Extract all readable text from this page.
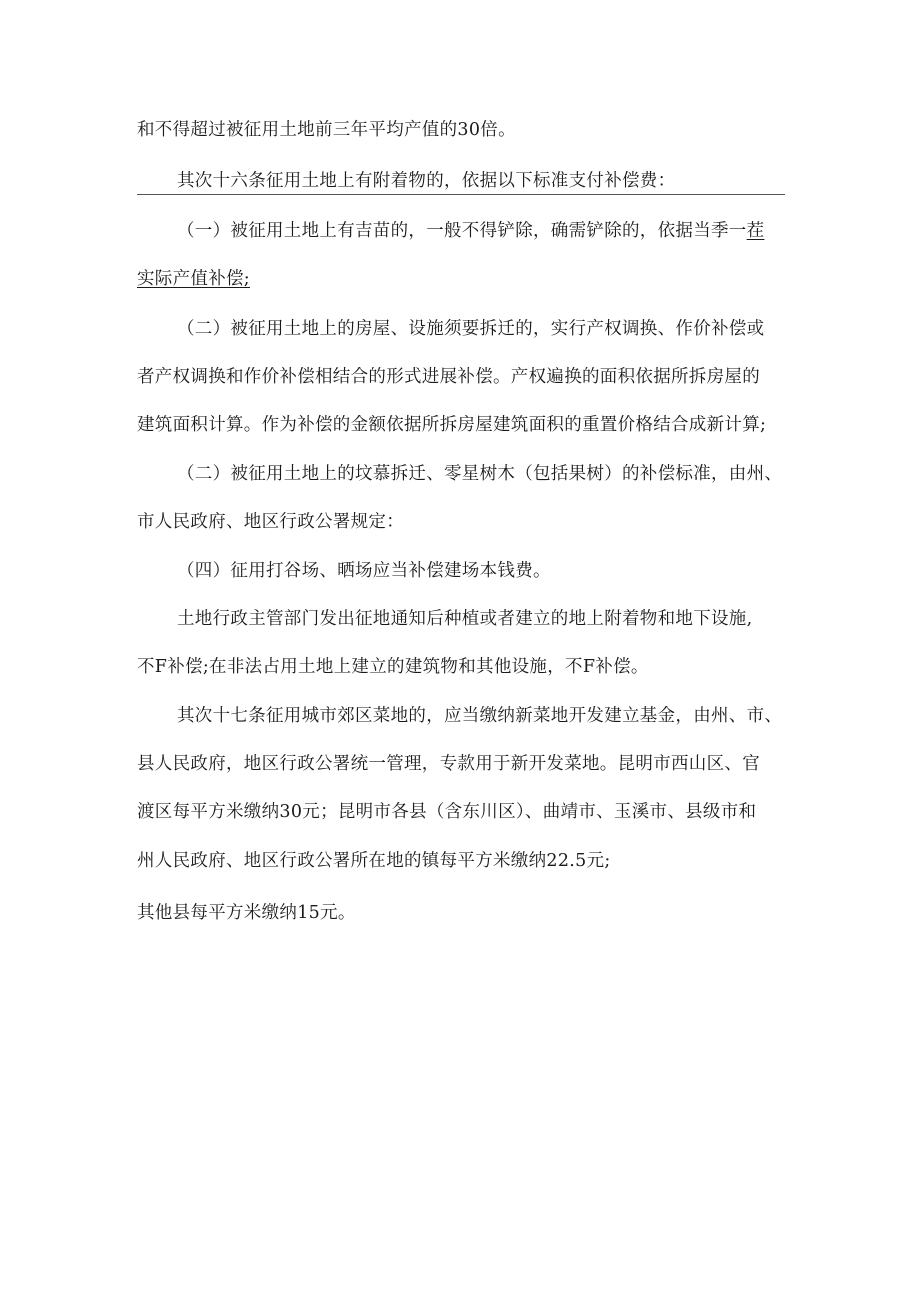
和不得超过被征用土地前三年平均产值的30倍。
其次十六条征用土地上有附着物的，依据以下标准支付补偿费：
（一）被征用土地上有吉苗的，一般不得铲除，确需铲除的，依据当季一茬
实际产值补偿;
（二）被征用土地上的房屋、设施须要拆迁的，实行产权调换、作价补偿或
者产权调换和作价补偿相结合的形式进展补偿。产权遍换的面积依据所拆房屋的
建筑面积计算。作为补偿的金额依据所拆房屋建筑面积的重置价格结合成新计算;
（二）被征用土地上的坟慕拆迁、零星树木（包括果树）的补偿标准，由州、
市人民政府、地区行政公署规定：
（四）征用打谷场、晒场应当补偿建场本钱费。
土地行政主管部门发出征地通知后种植或者建立的地上附着物和地下设施,
不F补偿;在非法占用土地上建立的建筑物和其他设施，不F补偿。
其次十七条征用城市郊区菜地的，应当缴纳新菜地开发建立基金，由州、市、
县人民政府，地区行政公署统一管理，专款用于新开发菜地。昆明市西山区、官
渡区每平方米缴纳30元；昆明市各县（含东川区）、曲靖市、玉溪市、县级市和
州人民政府、地区行政公署所在地的镇每平方米缴纳22.5元;
其他县每平方米缴纳15元。
